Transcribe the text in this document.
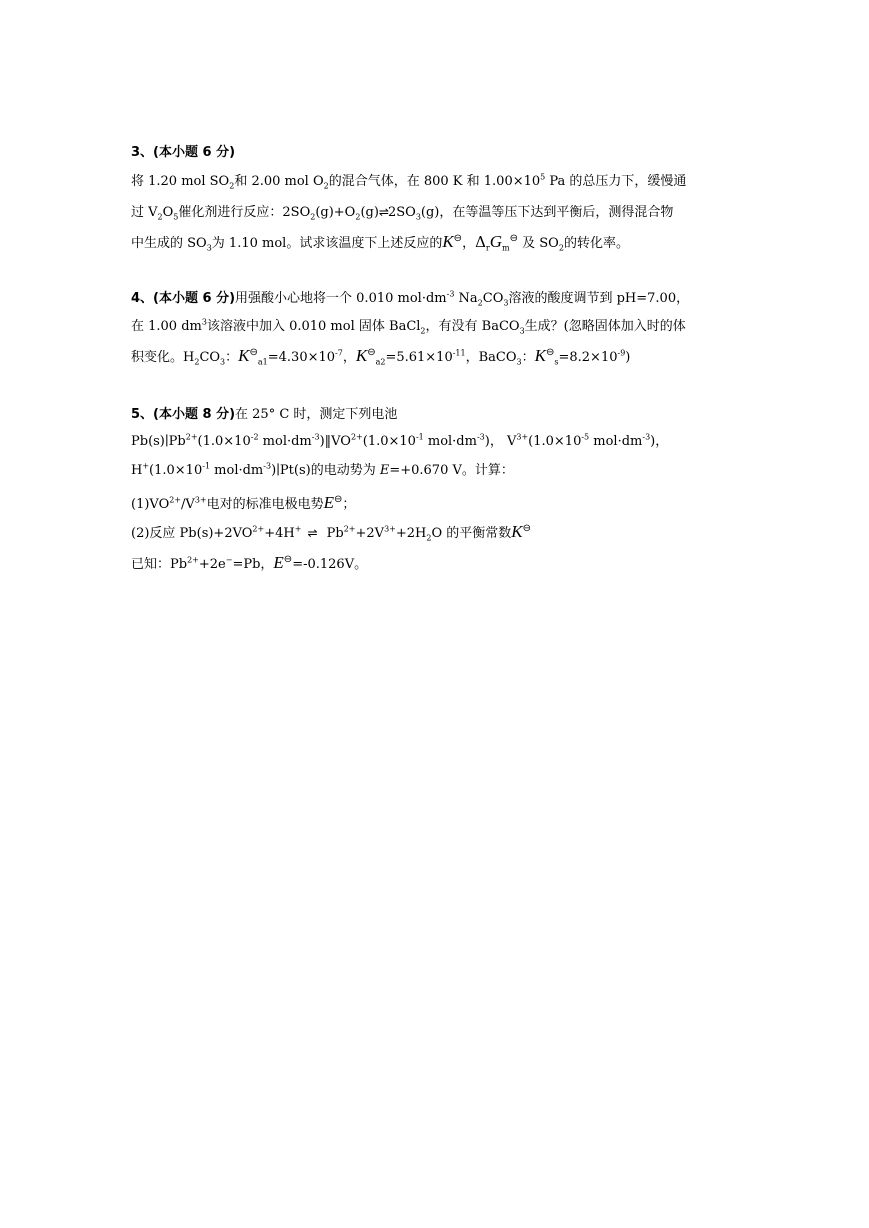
3、(本小题 6 分)
将 1.20 mol $SO_2$和 2.00 mol $O_2$的混合气体，在 800 K 和 $1.00\times 10^5$ Pa 的总压力下，缓慢通
过 $V_2O_5$催化剂进行反应：$2SO_2(g)+O_2(g)\rightleftharpoons 2SO_3(g)$，在等温等压下达到平衡后，测得混合物
中生成的 $SO_3$为 1.10 mol。试求该温度下上述反应的K⊖，$\Delta_rG_m^⊖$ 及 $SO_2$的转化率。
4、(本小题 6 分)用强酸小心地将一个 0.010 $mol\cdot dm^{-3}$ $Na_2CO_3$溶液的酸度调节到 pH=7.00，
在 1.00 $dm^3$该溶液中加入 0.010 mol 固体 BaCl$_2$，有没有 BaCO$_3$生成？(忽略固体加入时的体
积变化。$H_2CO_3$：$K^⊖_{a1}=4.30\times 10^{-7}$，$K^⊖_{a2}=5.61\times 10^{-11}$，BaCO$_3$：$K^⊖_s=8.2\times 10^{-9}$)
5、(本小题 8 分)在 25° C 时，测定下列电池
$Pb(s)∣Pb^{2+}(1.0\times 10^{-2}$ $mol\cdot dm^{-3})‖VO^{2+}(1.0\times 10^{-1}$ $mol\cdot dm^{-3}$)， $V^{3+}(1.0\times 10^{-5}$ $mol\cdot dm^{-3}$)，
$H^+(1.0\times 10^{-1}$ $mol\cdot dm^{-3})∣Pt(s)$的电动势为 E=+0.670 V。计算：
$(1)VO^{2+}/V^{3+}$电对的标准电极电势E⊖；
(2)反应 $Pb(s)+2VO^{2+}+4H^+$ ⇌ $Pb^{2+}+2V^{3+}+2H_2O$ 的平衡常数K⊖
已知：$Pb^{2+}+2e^-=Pb$，E⊖=-0.126V。
